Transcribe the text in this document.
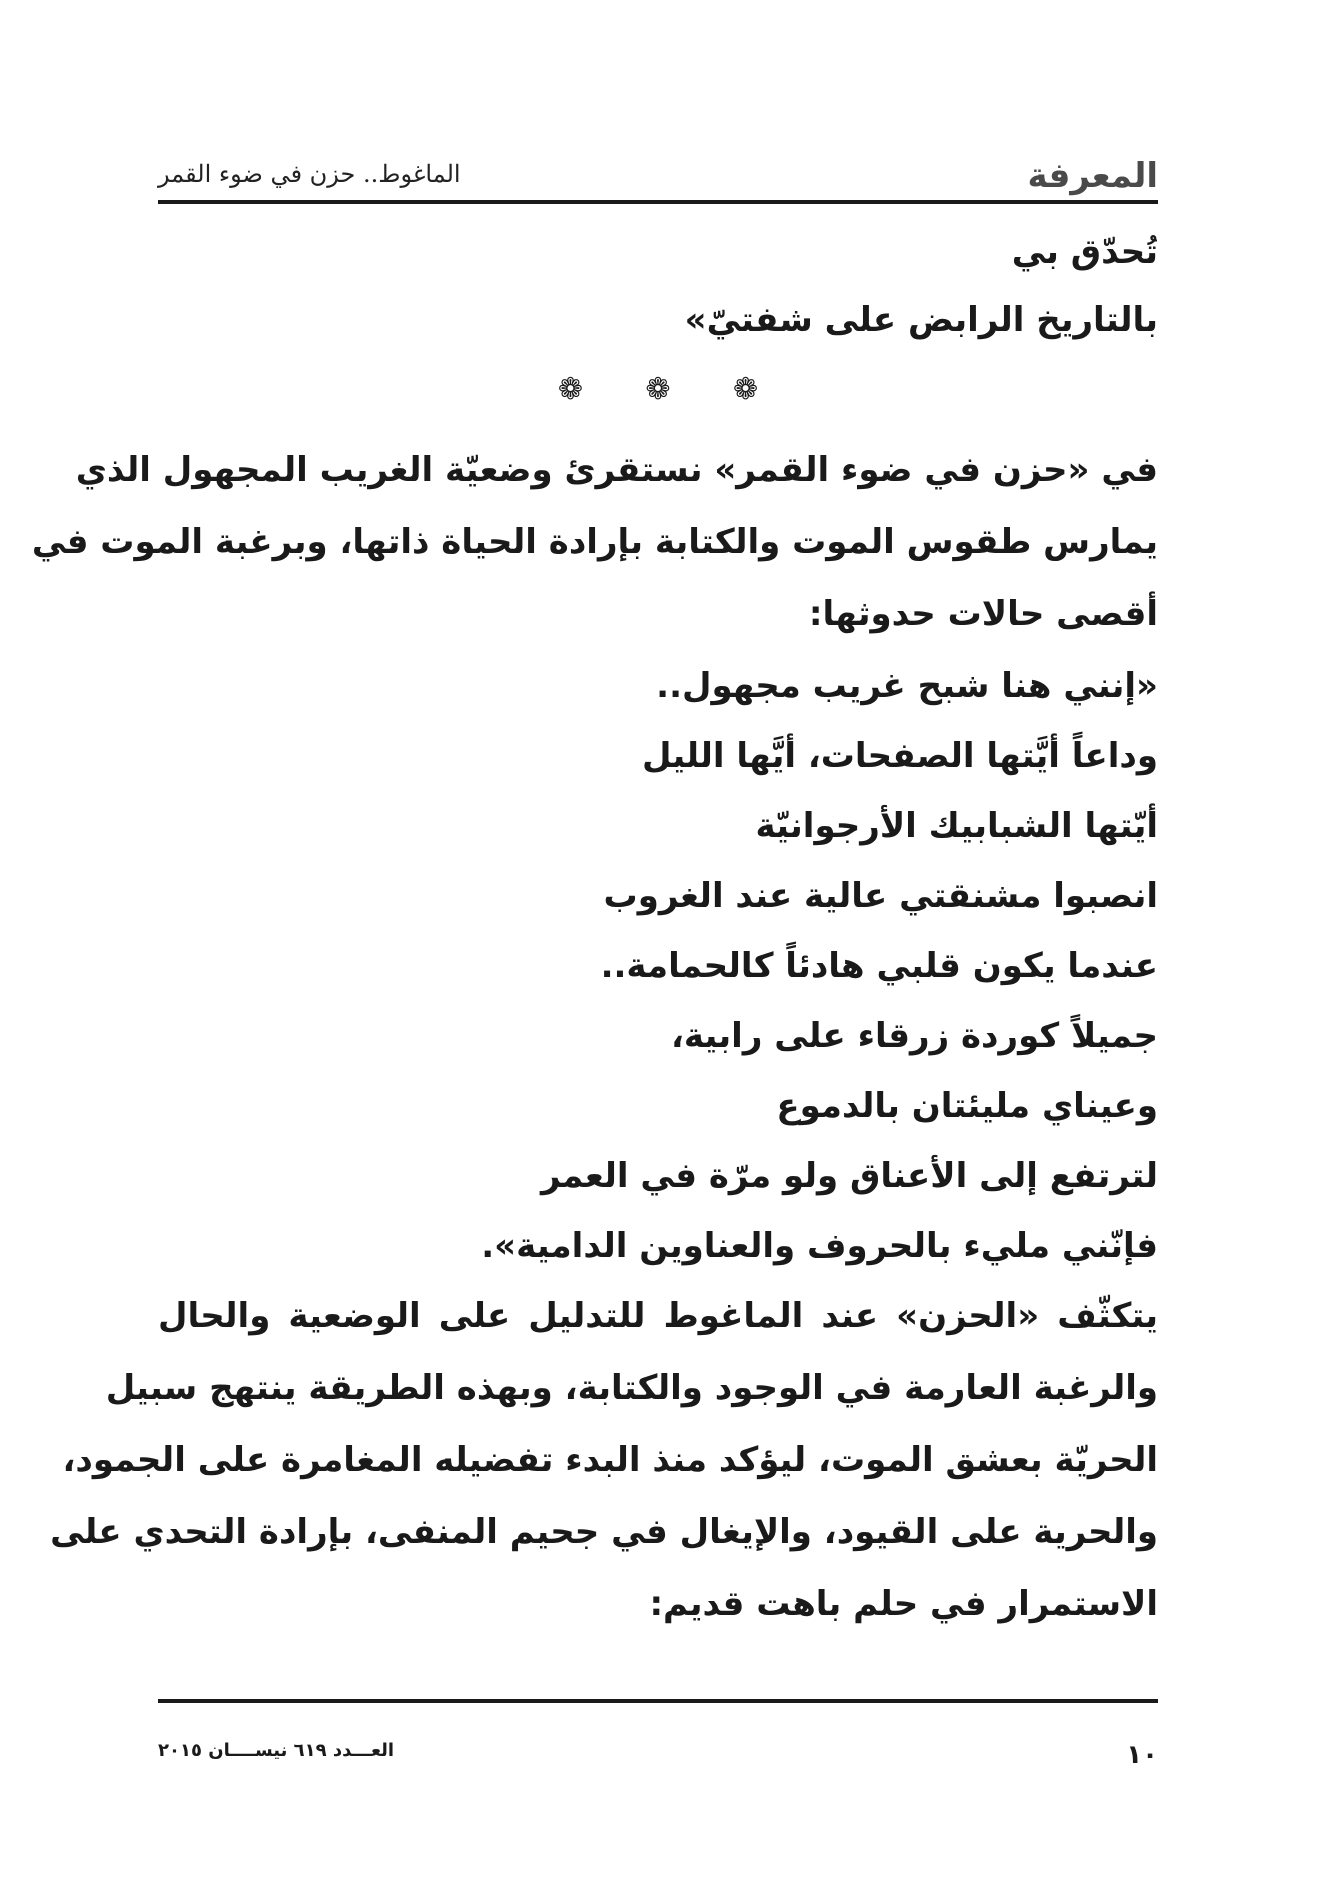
المعرفة
الماغوط.. حزن في ضوء القمر
تُحدّق بي
بالتاريخ الرابض على شفتيّ»
❁ ❁ ❁
في «حزن في ضوء القمر» نستقرئ وضعيّة الغريب المجهول الذي
يمارس طقوس الموت والكتابة بإرادة الحياة ذاتها، وبرغبة الموت في
أقصى حالات حدوثها:
«إنني هنا شبح غريب مجهول..
وداعاً أيَّتها الصفحات، أيَّها الليل
أيّتها الشبابيك الأرجوانيّة
انصبوا مشنقتي عالية عند الغروب
عندما يكون قلبي هادئاً كالحمامة..
جميلاً كوردة زرقاء على رابية،
وعيناي مليئتان بالدموع
لترتفع إلى الأعناق ولو مرّة في العمر
فإنّني مليء بالحروف والعناوين الدامية».
يتكثّف «الحزن» عند الماغوط للتدليل على الوضعية والحال
والرغبة العارمة في الوجود والكتابة، وبهذه الطريقة ينتهج سبيل
الحريّة بعشق الموت، ليؤكد منذ البدء تفضيله المغامرة على الجمود،
والحرية على القيود، والإيغال في جحيم المنفى، بإرادة التحدي على
الاستمرار في حلم باهت قديم:
١٠
العـــدد ٦١٩ نيســــان ٢٠١٥
